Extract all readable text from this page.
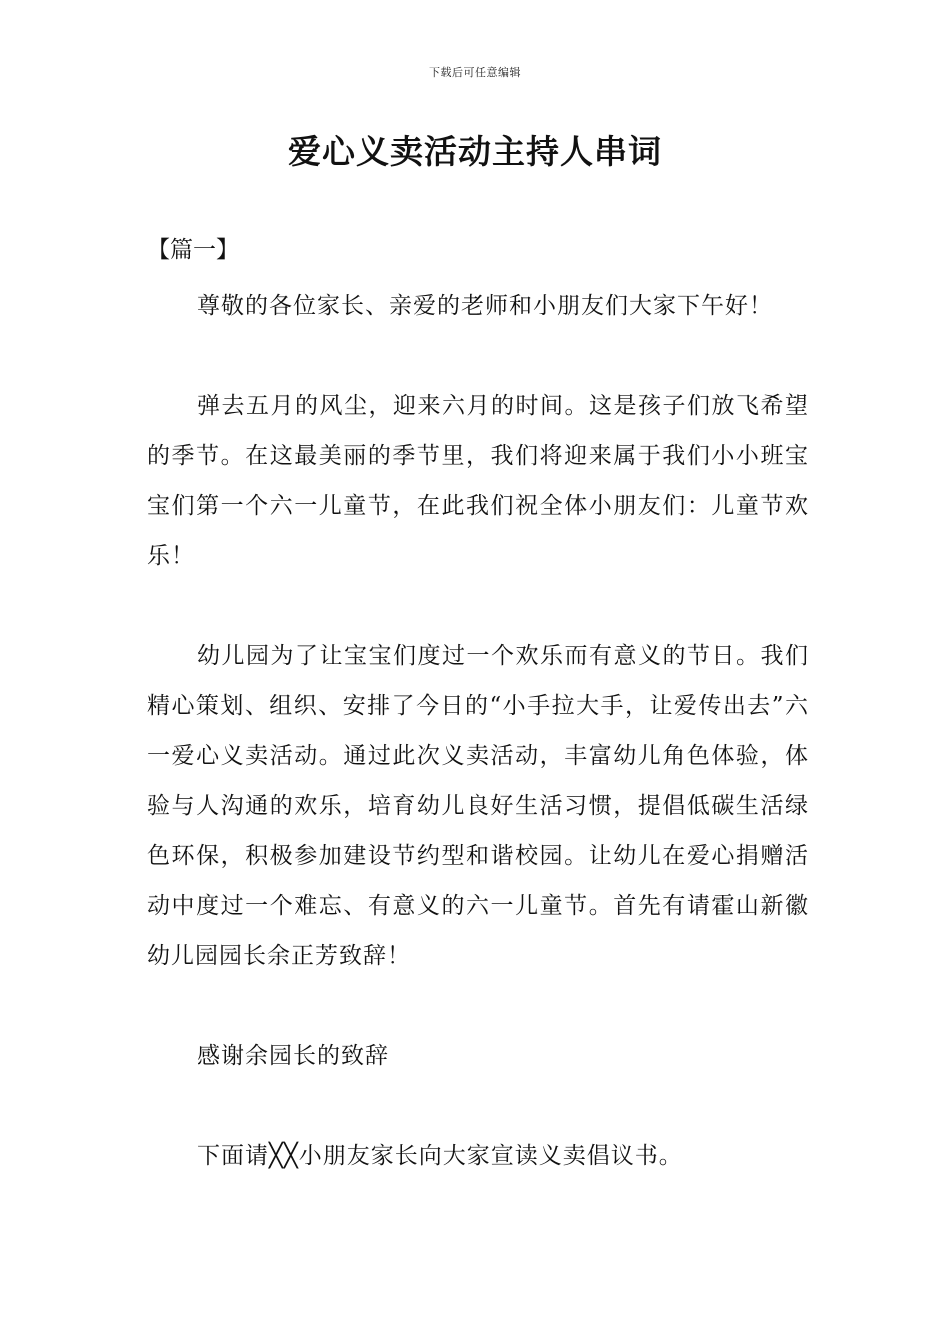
下载后可任意编辑
爱心义卖活动主持人串词

【篇一】

尊敬的各位家长、亲爱的老师和小朋友们大家下午好！

弹去五月的风尘，迎来六月的时间。这是孩子们放飞希望的季节。在这最美丽的季节里，我们将迎来属于我们小小班宝宝们第一个六一儿童节，在此我们祝全体小朋友们：儿童节欢乐！

幼儿园为了让宝宝们度过一个欢乐而有意义的节日。我们精心策划、组织、安排了今日的“小手拉大手，让爱传出去”六一爱心义卖活动。通过此次义卖活动，丰富幼儿角色体验，体验与人沟通的欢乐，培育幼儿良好生活习惯，提倡低碳生活绿色环保，积极参加建设节约型和谐校园。让幼儿在爱心捐赠活动中度过一个难忘、有意义的六一儿童节。首先有请霍山新徽幼儿园园长余正芳致辞！

感谢余园长的致辞

下面请╳╳小朋友家长向大家宣读义卖倡议书。
